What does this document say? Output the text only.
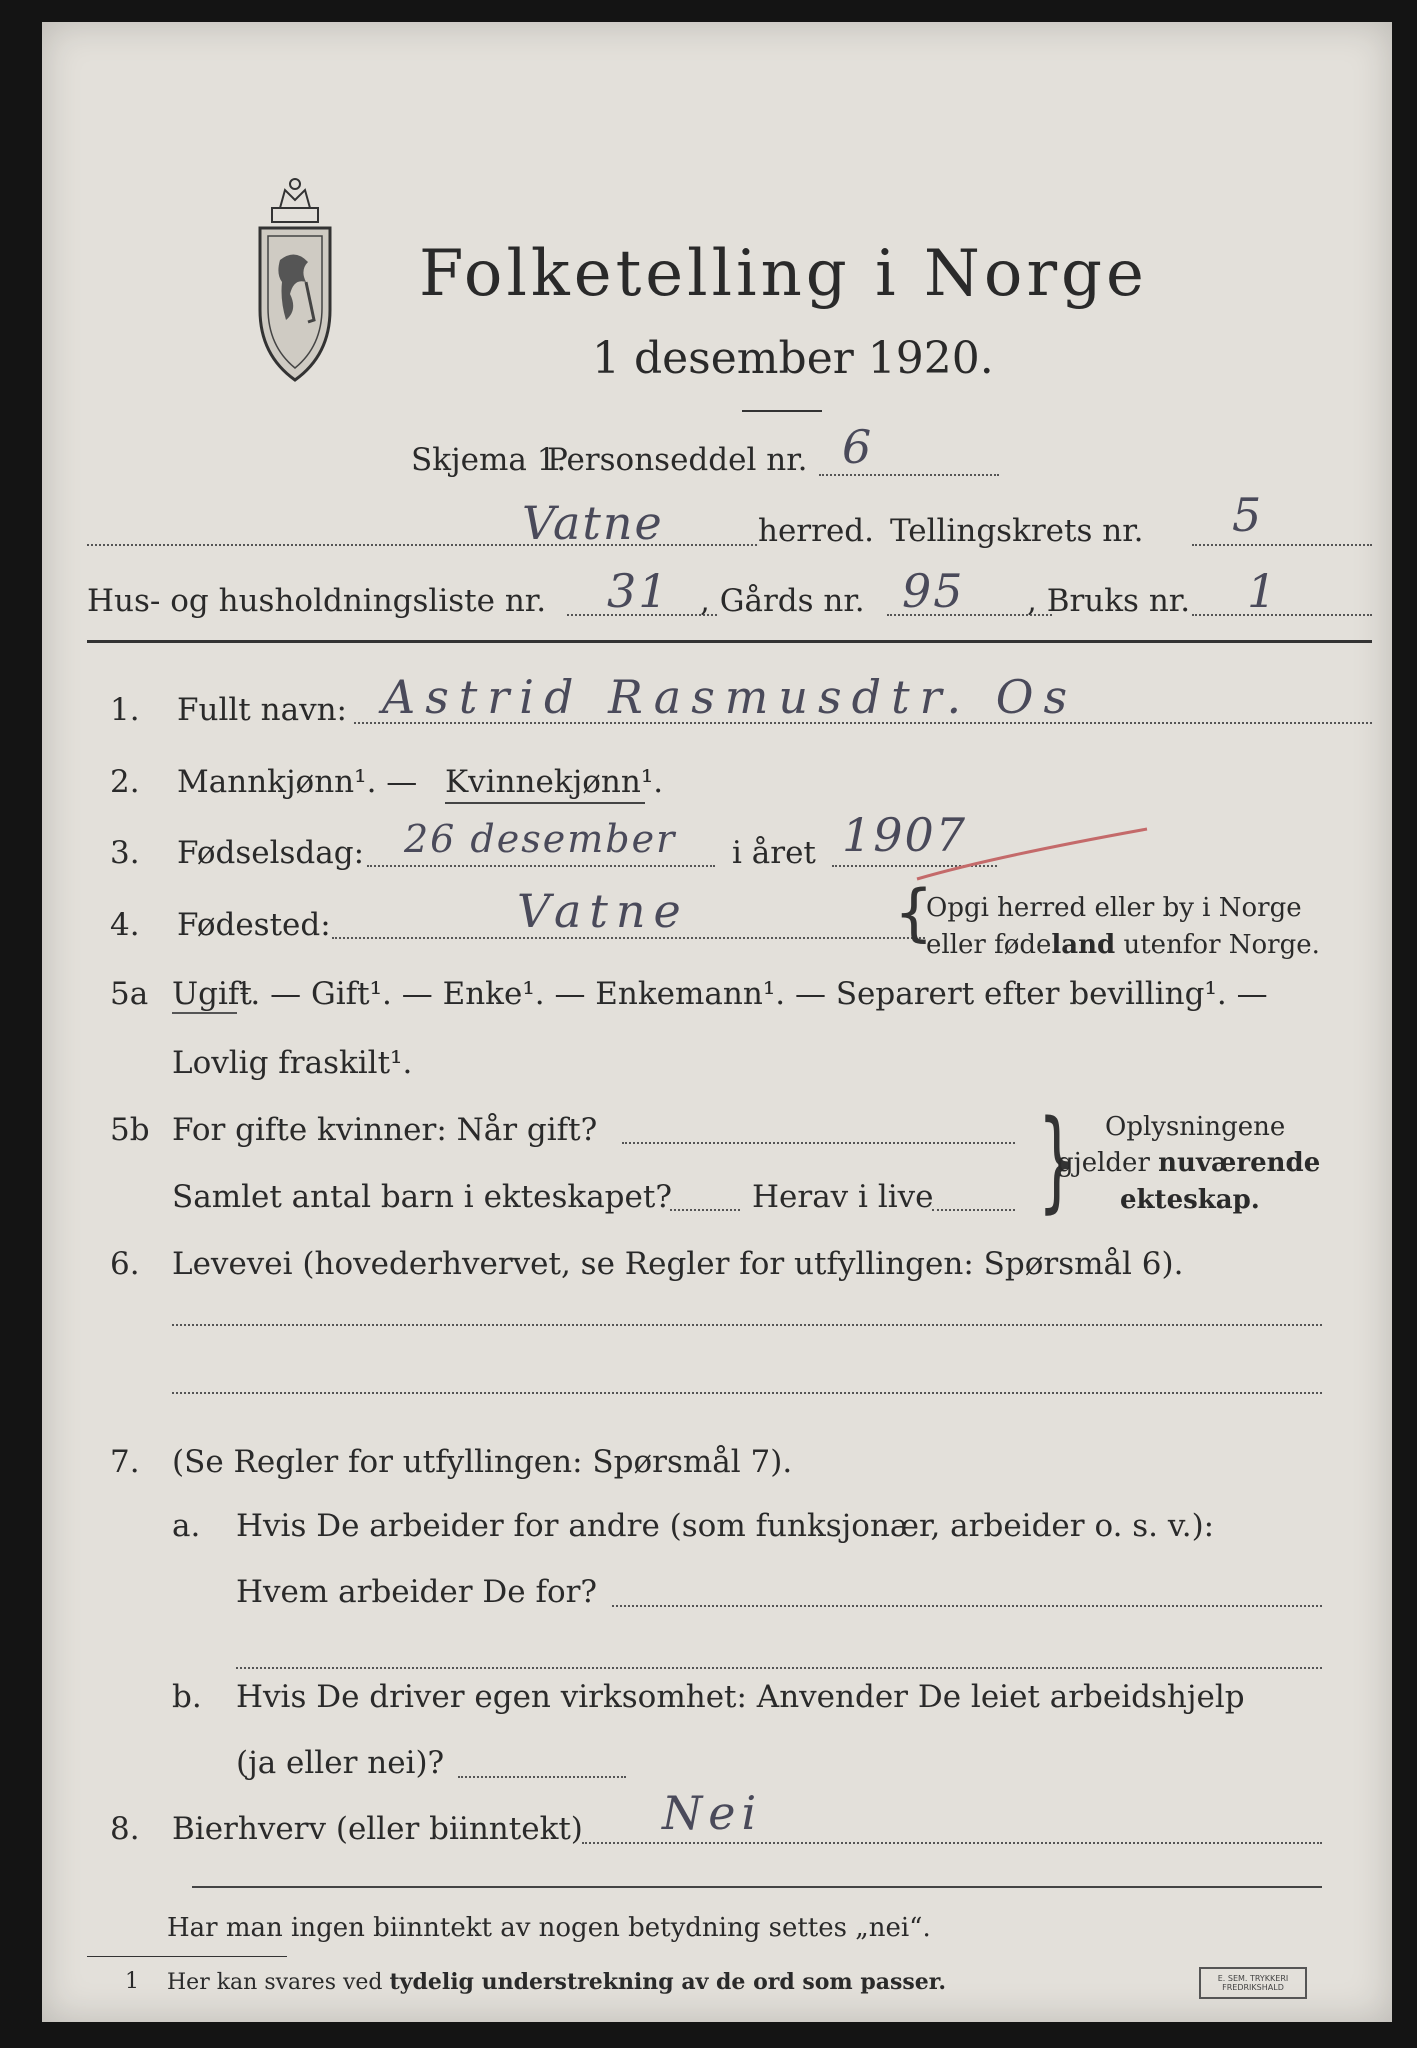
Folketelling i Norge
1 desember 1920.
Skjema 1.
Personseddel nr. 6
Vatne	herred. Tellingskrets nr. 5
Hus- og husholdningsliste nr. 31 , Gårds nr. 95 , Bruks nr. 1
1. Fullt navn: Astrid Rasmusdtr. Os
2. Mannkjønn¹. — Kvinnekjønn¹.
3. Fødselsdag: 26 desember i året 1907
4. Fødested:	Vatne	{
Opgi herred eller by i Norge
eller fødeland utenfor Norge.
5a Ugift
¹. — Gift¹. — Enke¹. — Enkemann¹. — Separert efter bevilling¹. —
Lovlig fraskilt¹.
5b For gifte kvinner: Når gift?
Samlet antal barn i ekteskapet?	Herav i live } Oplysningene
gjelder nuværende
ekteskap.
6. Levevei (hovederhvervet, se Regler for utfyllingen: Spørsmål 6).
7. (Se Regler for utfyllingen: Spørsmål 7).
a. Hvis De arbeider for andre (som funksjonær, arbeider o. s. v.):
Hvem arbeider De for?
b. Hvis De driver egen virksomhet: Anvender De leiet arbeidshjelp
(ja eller nei)?
8. Bierhverv (eller biinntekt) Nei
Har man ingen biinntekt av nogen betydning settes „nei“.
1 Her kan svares ved tydelig understrekning av de ord som passer.	E. SEM. TRYKKERI
FREDRIKSHALD
